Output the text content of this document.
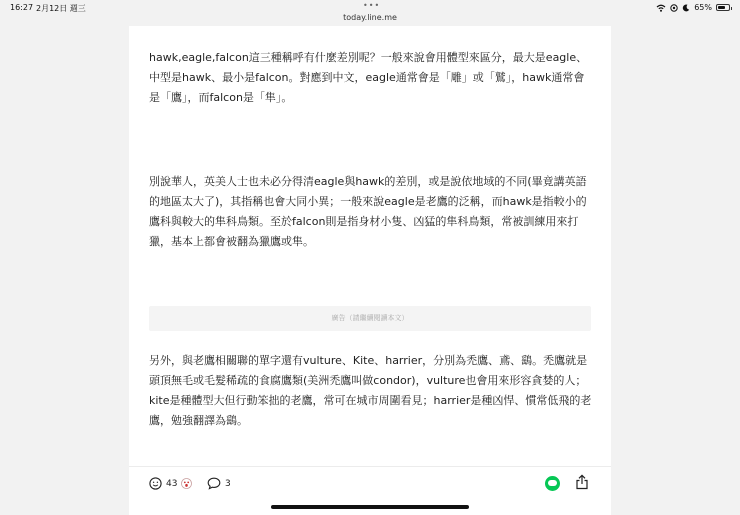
16:27 2月12日 週三	•••
today.line.me
65%

hawk,eagle,falcon這三種稱呼有什麼差別呢？一般來說會用體型來區分，最大是eagle、中型是hawk、最小是falcon。對應到中文，eagle通常會是「雕」或「鷲」，hawk通常會是「鷹」，而falcon是「隼」。

別說華人，英美人士也未必分得清eagle與hawk的差別，或是說依地域的不同(畢竟講英語的地區太大了)，其指稱也會大同小異；一般來說eagle是老鷹的泛稱，而hawk是指較小的鷹科與較大的隼科鳥類。至於falcon則是指身材小隻、凶猛的隼科鳥類，常被訓練用來打獵，基本上都會被翻為獵鷹或隼。

另外，與老鷹相關聯的單字還有vulture、Kite、harrier，分別為禿鷹、鳶、鷂。禿鷹就是頭頂無毛或毛髮稀疏的食腐鷹類(美洲禿鷹叫做condor)，vulture也會用來形容貪婪的人；kite是種體型大但行動笨拙的老鷹，常可在城市周圍看見；harrier是種凶悍、慣常低飛的老鷹，勉強翻譯為鷂。

廣告（請繼續閱讀本文）
43	3
